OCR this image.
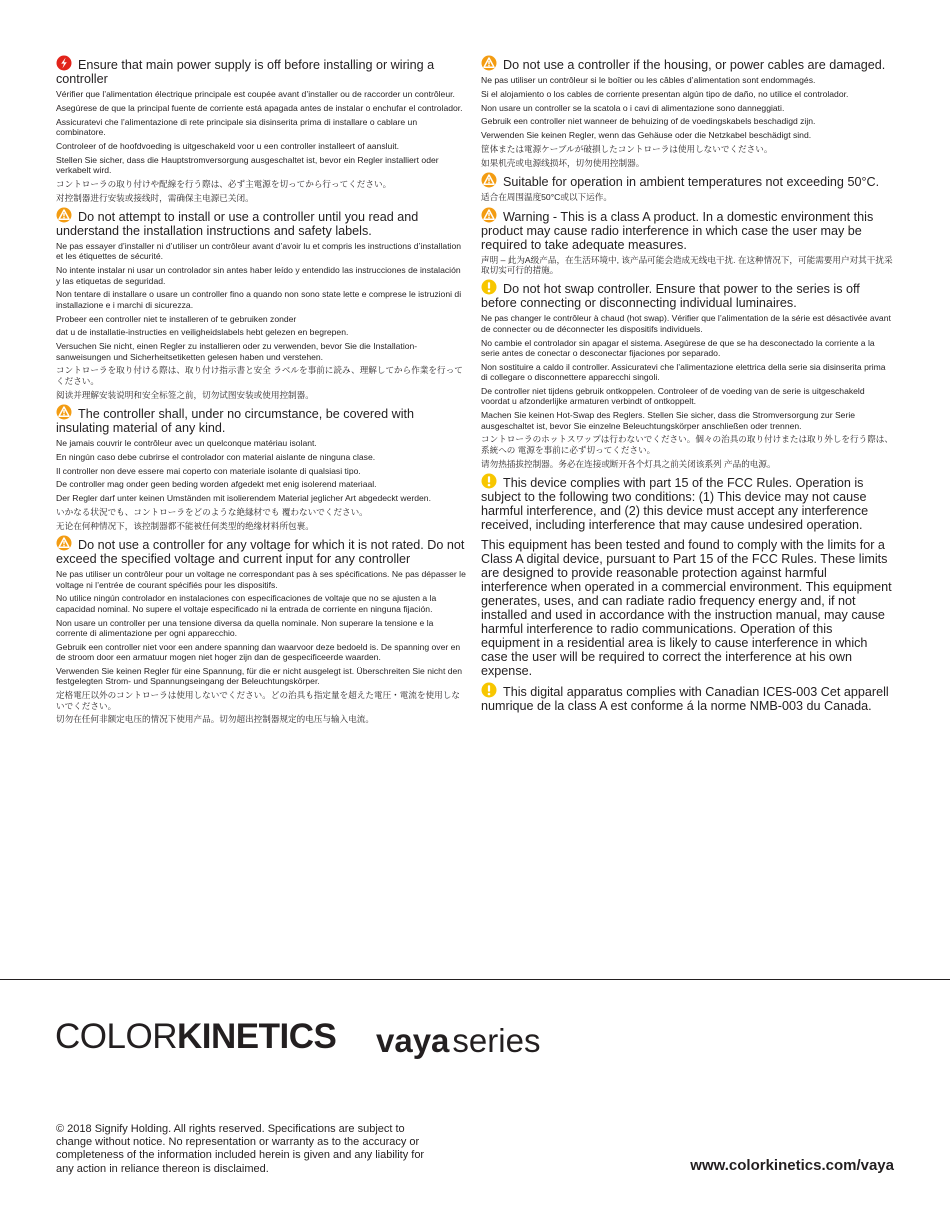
Ensure that main power supply is off before installing or wiring a controller
Vérifier que l’alimentation électrique principale est coupée avant d’installer ou de raccorder un contrôleur.
Asegúrese de que la principal fuente de corriente está apagada antes de instalar o enchufar el controlador.
Assicuratevi che l’alimentazione di rete principale sia disinserita prima di installare o cablare un combinatore.
Controleer of de hoofdvoeding is uitgeschakeld voor u een controller installeert of aansluit.
Stellen Sie sicher, dass die Hauptstromversorgung ausgeschaltet ist, bevor ein Regler installiert oder verkabelt wird.
コントローラの取り付けや配線を行う際は、必ず主電源を切ってから行ってください。
对控制器进行安装或接线时，需确保主电源已关闭。
Do not attempt to install or use a controller until you read and understand the installation instructions and safety labels.
Ne pas essayer d’installer ni d’utiliser un contrôleur avant d’avoir lu et compris les instructions d’installation et les étiquettes de sécurité.
No intente instalar ni usar un controlador sin antes haber leído y entendido las instrucciones de instalación y las etiquetas de seguridad.
Non tentare di installare o usare un controller fino a quando non sono state lette e comprese le istruzioni di installazione e i marchi di sicurezza.
Probeer een controller niet te installeren of te gebruiken zonder
dat u de installatie-instructies en veiligheidslabels hebt gelezen en begrepen.
Versuchen Sie nicht, einen Regler zu installieren oder zu verwenden, bevor Sie die Installation-sanweisungen und Sicherheitsetiketten gelesen haben und verstehen.
コントローラを取り付ける際は、取り付け指示書と安全 ラベルを事前に読み、理解してから作業を行ってください。
阅读并理解安装说明和安全标签之前，切勿试图安装或使用控制器。
The controller shall, under no circumstance, be covered with insulating material of any kind.
Ne jamais couvrir le contrôleur avec un quelconque matériau isolant.
En ningún caso debe cubrirse el controlador con material aislante de ninguna clase.
Il controller non deve essere mai coperto con materiale isolante di qualsiasi tipo.
De controller mag onder geen beding worden afgedekt met enig isolerend materiaal.
Der Regler darf unter keinen Umständen mit isolierendem Material jeglicher Art abgedeckt werden.
いかなる状況でも、コントローラをどのような絶縁材でも 覆わないでください。
无论在何种情况下，该控制器都不能被任何类型的绝缘材料所包裹。
Do not use a controller for any voltage for which it is not rated. Do not exceed the specified voltage and current input for any controller
Ne pas utiliser un contrôleur pour un voltage ne correspondant pas à ses spécifications. Ne pas dépasser le voltage ni l’entrée de courant spécifiés pour les dispositifs.
No utilice ningún controlador en instalaciones con especificaciones de voltaje que no se ajusten a la capacidad nominal. No supere el voltaje especificado ni la entrada de corriente en ninguna fijación.
Non usare un controller per una tensione diversa da quella nominale. Non superare la tensione e la corrente di alimentazione per ogni apparecchio.
Gebruik een controller niet voor een andere spanning dan waarvoor deze bedoeld is. De spanning over en de stroom door een armatuur mogen niet hoger zijn dan de gespecificeerde waarden.
Verwenden Sie keinen Regler für eine Spannung, für die er nicht ausgelegt ist. Überschreiten Sie nicht den festgelegten Strom- und Spannungseingang der Beleuchtungskörper.
定格電圧以外のコントローラは使用しないでください。どの治具も指定量を超えた電圧・電流を使用しないでください。
切勿在任何非额定电压的情况下使用产品。切勿超出控制器规定的电压与输入电流。
Do not use a controller if the housing, or power cables are damaged.
Ne pas utiliser un contrôleur si le boîtier ou les câbles d’alimentation sont endommagés.
Si el alojamiento o los cables de corriente presentan algún tipo de daño, no utilice el controlador.
Non usare un controller se la scatola o i cavi di alimentazione sono danneggiati.
Gebruik een controller niet wanneer de behuizing of de voedingskabels beschadigd zijn.
Verwenden Sie keinen Regler, wenn das Gehäuse oder die Netzkabel beschädigt sind.
筐体または電源ケーブルが破損したコントローラは使用しないでください。
如果机壳或电源线损坏，切勿使用控制器。
Suitable for operation in ambient temperatures not exceeding 50°C.
适合在周围温度50°C或以下运作。
Warning - This is a class A product. In a domestic environment this product may cause radio interference in which case the user may be required to take adequate measures.
声明 – 此为A级产品，在生活环境中, 该产品可能会造成无线电干扰. 在这种情况下，可能需要用户对其干扰采取切实可行的措施。
Do not hot swap controller. Ensure that power to the series is off before connecting or disconnecting individual luminaires.
Ne pas changer le contrôleur à chaud (hot swap). Vérifier que l’alimentation de la série est désactivée avant de connecter ou de déconnecter les dispositifs individuels.
No cambie el controlador sin apagar el sistema. Asegúrese de que se ha desconectado la corriente a la serie antes de conectar o desconectar fijaciones por separado.
Non sostituire a caldo il controller. Assicuratevi che l’alimentazione elettrica della serie sia disinserita prima di collegare o disconnettere apparecchi singoli.
De controller niet tijdens gebruik ontkoppelen. Controleer of de voeding van de serie is uitgeschakeld voordat u afzonderlijke armaturen verbindt of ontkoppelt.
Machen Sie keinen Hot-Swap des Reglers. Stellen Sie sicher, dass die Stromversorgung zur Serie ausgeschaltet ist, bevor Sie einzelne Beleuchtungskörper anschließen oder trennen.
コントローラのホットスワップは行わないでください。個々の治具の取り付けまたは取り外しを行う際は、系統への 電源を事前に必ず切ってください。
请勿热插拔控制器。务必在连接或断开各个灯具之前关闭该系列 产品的电源。
This device complies with part 15 of the FCC Rules. Operation is subject to the following two conditions: (1) This device may not cause harmful interference, and (2) this device must accept any interference received, including interference that may cause undesired operation.
This equipment has been tested and found to comply with the limits for a Class A digital device, pursuant to Part 15 of the FCC Rules. These limits are designed to provide reasonable protection against harmful interference when operated in a commercial environment. This equipment generates, uses, and can radiate radio frequency energy and, if not installed and used in accordance with the instruction manual, may cause harmful interference to radio communications. Operation of this equipment in a residential area is likely to cause interference in which case the user will be required to correct the interference at his own expense.
This digital apparatus complies with Canadian ICES-003 Cet apparell numrique de la class A est conforme á la norme NMB-003 du Canada.
COLORKINETICS vayaseries
© 2018 Signify Holding. All rights reserved. Specifications are subject to change without notice. No representation or warranty as to the accuracy or completeness of the information included herein is given and any liability for any action in reliance thereon is disclaimed.	www.colorkinetics.com/vaya
